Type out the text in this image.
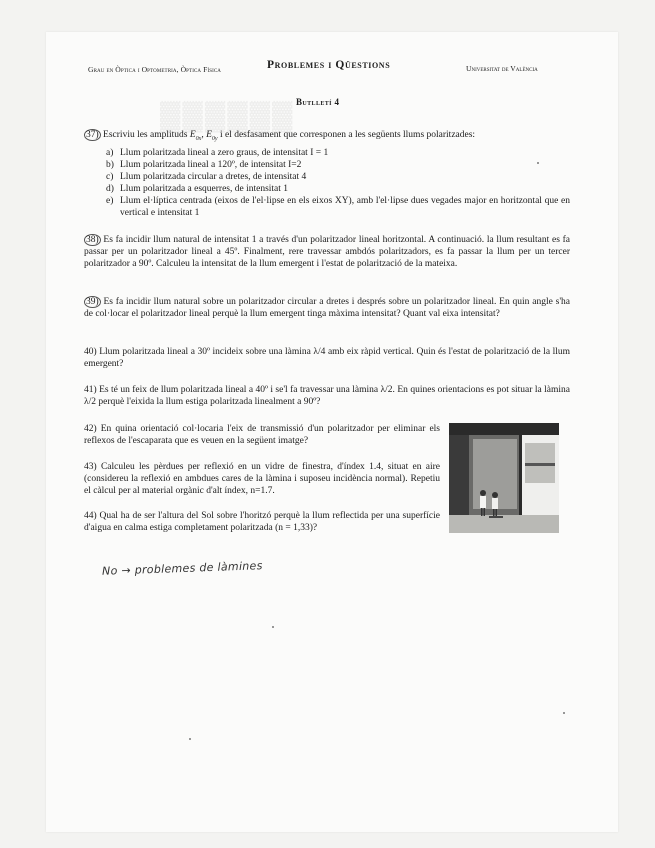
▓▓▓▓▓▓
Grau en Òptica i Optometria, Òptica Física	Problemes i Qüestions	Universitat de València
Butlletí 4
37) Escriviu les amplituds $E_{0x}$, $E_{0y}$ i el desfasament que corresponen a les següents llums polaritzades:
a) Llum polaritzada lineal a zero graus, de intensitat I = 1
b) Llum polaritzada lineal a 120º, de intensitat I=2
c) Llum polaritzada circular a dretes, de intensitat 4
d) Llum polaritzada a esquerres, de intensitat 1
e) Llum el·líptica centrada (eixos de l'el·lipse en els eixos XY), amb l'el·lipse dues vegades major en horitzontal que en vertical e intensitat 1
38) Es fa incidir llum natural de intensitat 1 a través d'un polaritzador lineal horitzontal. A continuació. la llum resultant es fa passar per un polaritzador lineal a 45º. Finalment, rere travessar ambdós polaritzadors, es fa passar la llum per un tercer polaritzador a 90º. Calculeu la intensitat de la llum emergent i l'estat de polarització de la mateixa.
39) Es fa incidir llum natural sobre un polaritzador circular a dretes i després sobre un polaritzador lineal. En quin angle s'ha de col·locar el polaritzador lineal perquè la llum emergent tinga màxima intensitat? Quant val eixa intensitat?
40) Llum polaritzada lineal a 30º incideix sobre una làmina λ/4 amb eix ràpid vertical. Quin és l'estat de polarització de la llum emergent?
41) Es té un feix de llum polaritzada lineal a 40º i se'l fa travessar una làmina λ/2. En quines orientacions es pot situar la làmina λ/2 perquè l'eixida la llum estiga polaritzada linealment a 90º?
42) En quina orientació col·locaria l'eix de transmissió d'un polaritzador per eliminar els reflexos de l'escaparata que es veuen en la següent imatge?
43) Calculeu les pèrdues per reflexió en un vidre de finestra, d'índex 1.4, situat en aire (considereu la reflexió en ambdues cares de la làmina i suposeu incidència normal). Repetiu el càlcul per al material orgànic d'alt índex, n=1.7.
44) Qual ha de ser l'altura del Sol sobre l'horitzó perquè la llum reflectida per una superfície d'aigua en calma estiga completament polaritzada (n = 1,33)?
No → problemes de làmines
